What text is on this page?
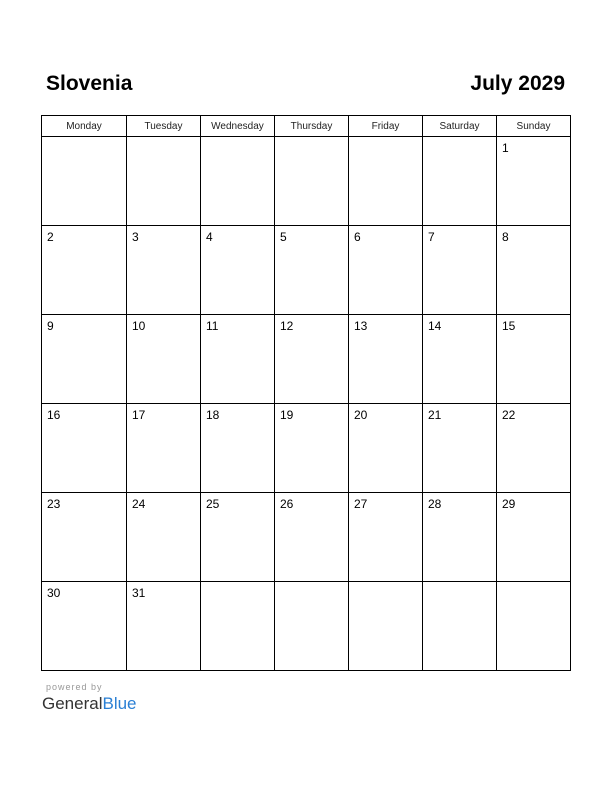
Slovenia	July 2029
Monday	Tuesday	Wednesday	Thursday	Friday	Saturday	Sunday

						1

2	3	4	5	6	7	8

9	10	11	12	13	14	15

16	17	18	19	20	21	22

23	24	25	26	27	28	29

30	31					

powered by
GeneralBlue
